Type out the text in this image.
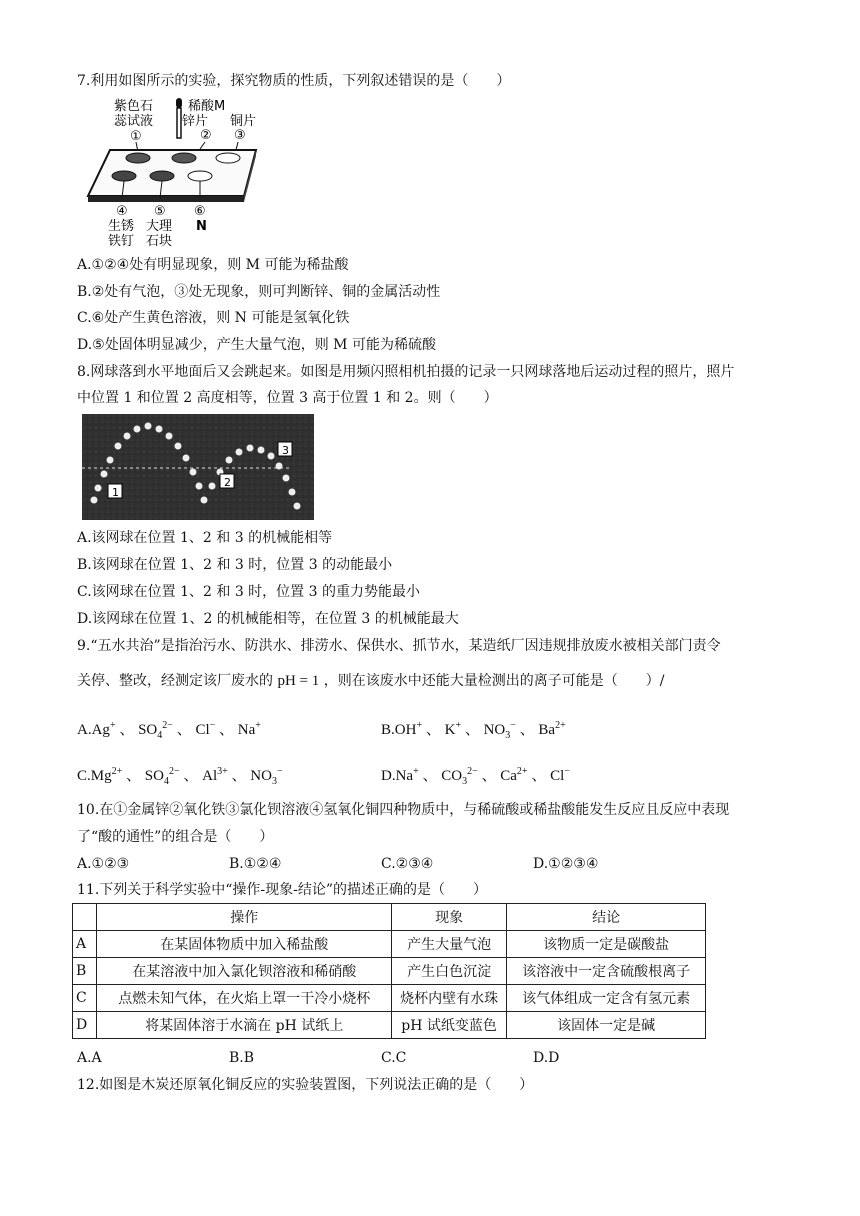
7.利用如图所示的实验，探究物质的性质，下列叙述错误的是（　　）
紫色石
蕊试液
①
稀酸M
锌片 铜片
② ③
④ ⑤ ⑥
生锈 大理 N
铁钉 石块
A.①②④处有明显现象，则 M 可能为稀盐酸
B.②处有气泡，③处无现象，则可判断锌、铜的金属活动性
C.⑥处产生黄色溶液，则 N 可能是氢氧化铁
D.⑤处固体明显减少，产生大量气泡，则 M 可能为稀硫酸
8.网球落到水平地面后又会跳起来。如图是用频闪照相机拍摄的记录一只网球落地后运动过程的照片，照片
中位置 1 和位置 2 高度相等，位置 3 高于位置 1 和 2。则（　　）
1
2
3
A.该网球在位置 1、2 和 3 的机械能相等
B.该网球在位置 1、2 和 3 时，位置 3 的动能最小
C.该网球在位置 1、2 和 3 时，位置 3 的重力势能最小
D.该网球在位置 1、2 的机械能相等，在位置 3 的机械能最大
9.“五水共治”是指治污水、防洪水、排涝水、保供水、抓节水，某造纸厂因违规排放废水被相关部门责令
关停、整改，经测定该厂废水的 pH = 1 ，则在该废水中还能大量检测出的离子可能是（　　）/
A.Ag+ 、 $SO_4^{2-}$ 、 Cl− 、 Na+	B.OH+ 、 K+ 、 $NO_3^-$ 、 $Ba^{2+}$
$C.Mg^{2+}$ 、 $SO_4^{2-}$ 、 $Al^{3+}$ 、 $NO_3^-$	D.Na+ 、 $CO_3^{2-}$ 、 $Ca^{2+}$ 、 Cl−
10.在①金属锌②氧化铁③氯化钡溶液④氢氧化铜四种物质中，与稀硫酸或稀盐酸能发生反应且反应中表现
了“酸的通性”的组合是（　　）
A.①②③	B.①②④	C.②③④	D.①②③④
11.下列关于科学实验中“操作-现象-结论”的描述正确的是（　　）
	操作	现象	结论
A	在某固体物质中加入稀盐酸	产生大量气泡	该物质一定是碳酸盐
B	在某溶液中加入氯化钡溶液和稀硝酸	产生白色沉淀	该溶液中一定含硫酸根离子
C	点燃未知气体，在火焰上罩一干冷小烧杯	烧杯内壁有水珠	该气体组成一定含有氢元素
D	将某固体溶于水滴在 pH 试纸上	pH 试纸变蓝色	该固体一定是碱
A.A	B.B	C.C	D.D
12.如图是木炭还原氧化铜反应的实验装置图，下列说法正确的是（　　）
